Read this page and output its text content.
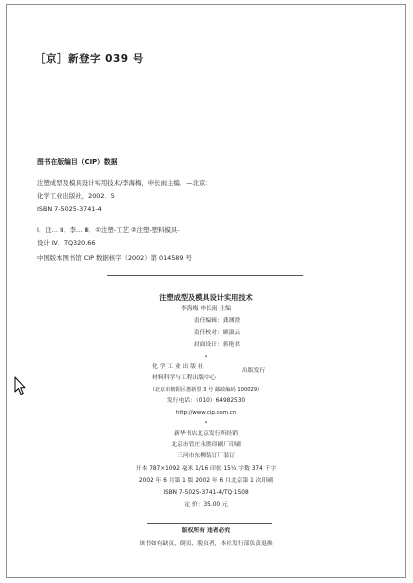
［京］新登字 039 号
图书在版编目（CIP）数据
注塑成型及模具设计实用技术/李海梅，申长雨主编．—北京：
化学工业出版社，2002．5
ISBN 7-5025-3741-4
Ⅰ．注… Ⅱ．李… Ⅲ．①注塑-工艺 ②注塑-塑料模具-
设计 Ⅳ．TQ320.66
中国版本图书馆 CIP 数据核字（2002）第 014589 号
注塑成型及模具设计实用技术
李海梅 申长雨 主编
责任编辑：龚测澄
责任校对：顾淑云
封面设计：蒋艳君
*
化 学 工 业 出 版 社
材料科学与工程出版中心
出版发行
（北京市朝阳区惠新里 3 号 邮政编码 100029）
发行电话：（010）64982530
http://www.cip.com.cn
*
新华书店北京发行所经销
北京市管庄永胜印刷厂印刷
三河市东柳装订厂装订
开本 787×1092 毫米 1/16 印张 15¼ 字数 374 千字
2002 年 6 月第 1 版 2002 年 6 月北京第 1 次印刷
ISBN 7-5025-3741-4/TQ·1508
定 价：35.00 元
版权所有 违者必究
该书如有缺页、倒页、脱页者，本社发行部负责退换
